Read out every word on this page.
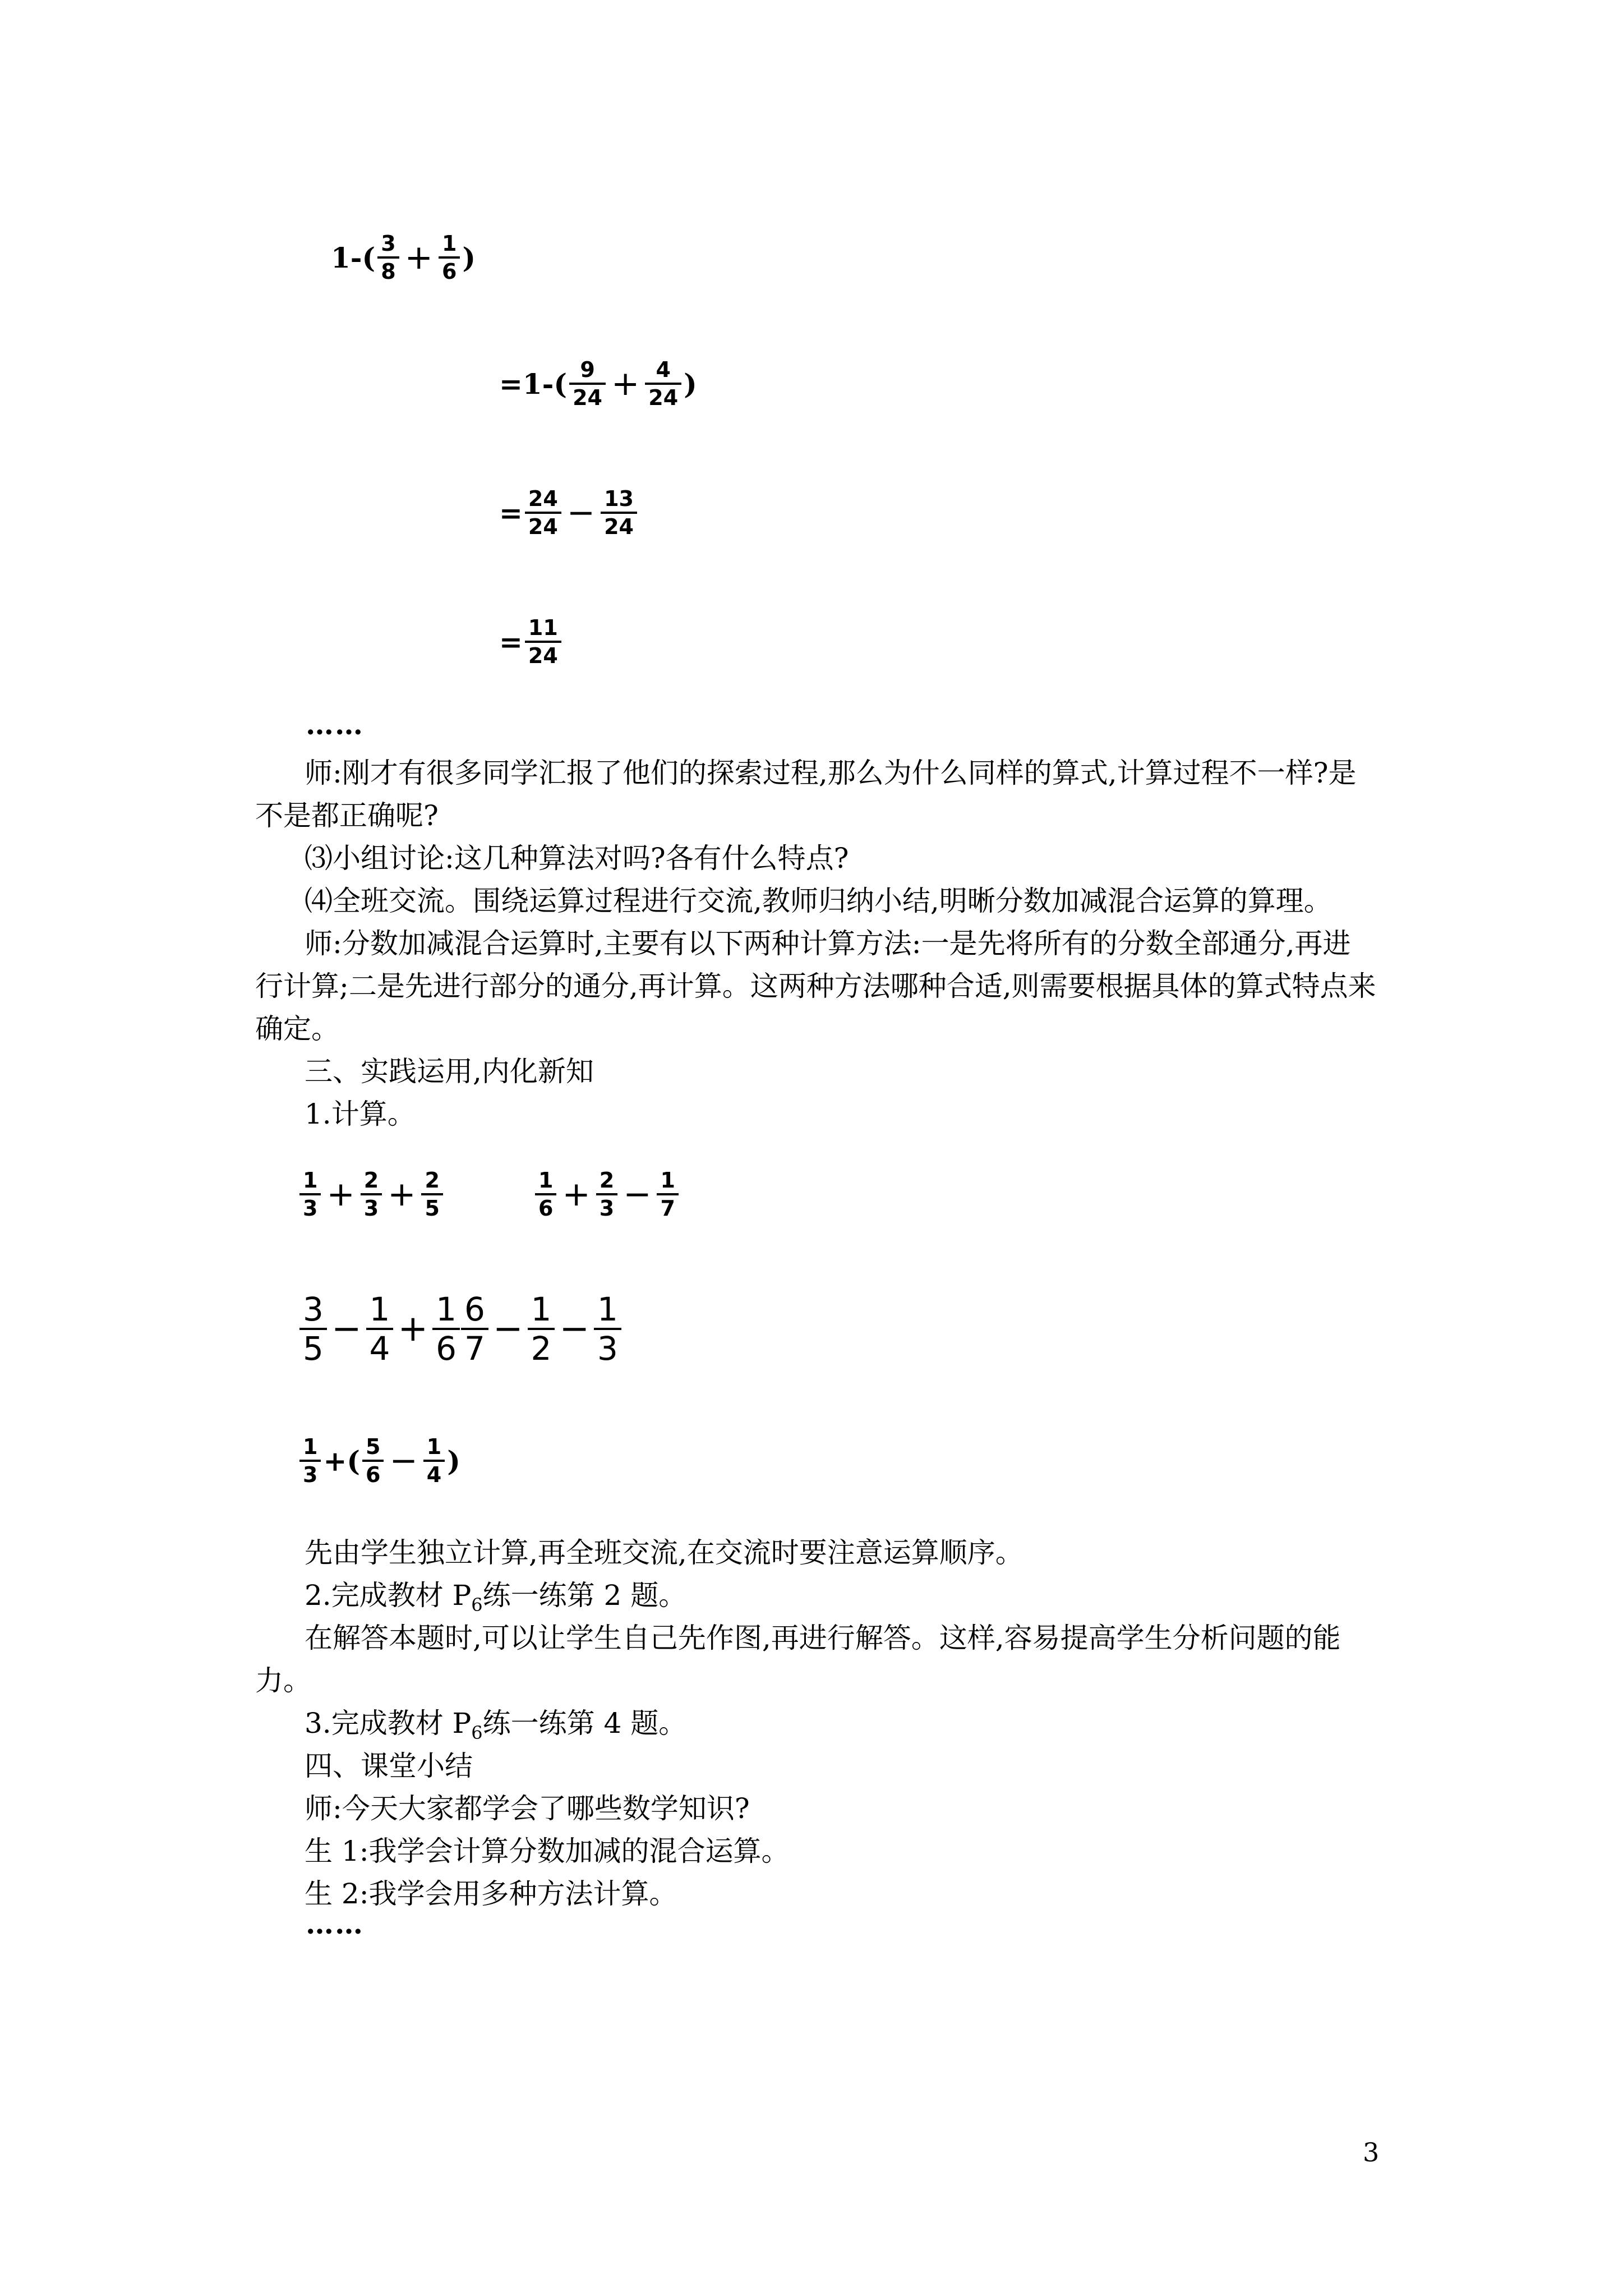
$1-( \frac{3}{8} + \frac{1}{6}$ )
$=1-( \frac{9}{24} + \frac{4}{24}$ )
= $\frac{24}{24} - \frac{13}{24}$
= $\frac{11}{24}$
……

师:刚才有很多同学汇报了他们的探索过程,那么为什么同样的算式,计算过程不一样?是不是都正确呢?

⑶小组讨论:这几种算法对吗?各有什么特点?

⑷全班交流。围绕运算过程进行交流,教师归纳小结,明晰分数加减混合运算的算理。

师:分数加减混合运算时,主要有以下两种计算方法:一是先将所有的分数全部通分,再进行计算;二是先进行部分的通分,再计算。这两种方法哪种合适,则需要根据具体的算式特点来确定。

三、实践运用,内化新知

1.计算。

$\frac{1}{3} + \frac{2}{3} + \frac{2}{5}$	$\frac{1}{6} + \frac{2}{3} - \frac{1}{7}$
$\frac{3}{5} - \frac{1}{4} + \frac{1}{6} \frac{6}{7} - \frac{1}{2} - \frac{1}{3}$
$\frac{1}{3}$ +( $\frac{5}{6} - \frac{1}{4}$ )

先由学生独立计算,再全班交流,在交流时要注意运算顺序。

2.完成教材 $P_6$练一练第 2 题。

在解答本题时,可以让学生自己先作图,再进行解答。这样,容易提高学生分析问题的能力。

3.完成教材 $P_6$练一练第 4 题。

四、课堂小结

师:今天大家都学会了哪些数学知识?

生 1:我学会计算分数加减的混合运算。

生 2:我学会用多种方法计算。

……
3
